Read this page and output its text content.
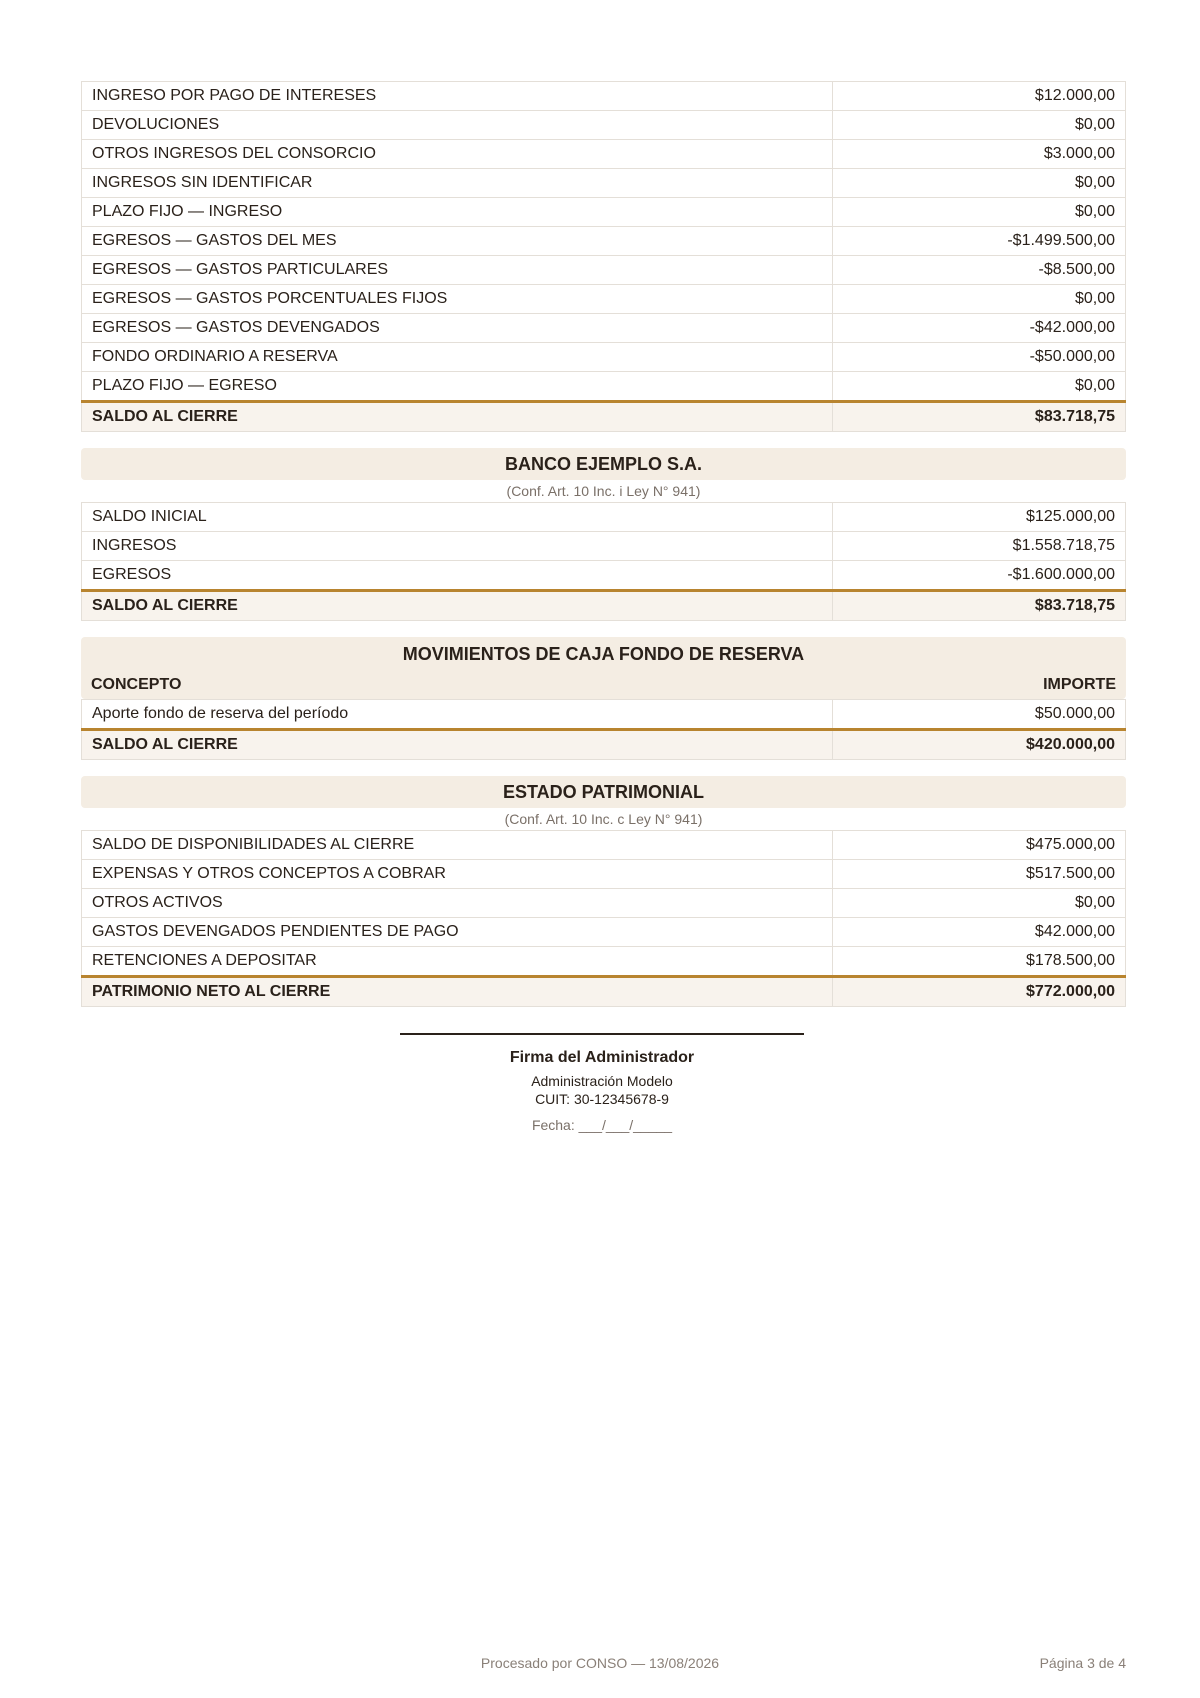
INGRESO POR PAGO DE INTERESES	$12.000,00
DEVOLUCIONES	$0,00
OTROS INGRESOS DEL CONSORCIO	$3.000,00
INGRESOS SIN IDENTIFICAR	$0,00
PLAZO FIJO — INGRESO	$0,00
EGRESOS — GASTOS DEL MES	-$1.499.500,00
EGRESOS — GASTOS PARTICULARES	-$8.500,00
EGRESOS — GASTOS PORCENTUALES FIJOS	$0,00
EGRESOS — GASTOS DEVENGADOS	-$42.000,00
FONDO ORDINARIO A RESERVA	-$50.000,00
PLAZO FIJO — EGRESO	$0,00
SALDO AL CIERRE	$83.718,75
BANCO EJEMPLO S.A.
(Conf. Art. 10 Inc. i Ley N° 941)
SALDO INICIAL	$125.000,00
INGRESOS	$1.558.718,75
EGRESOS	-$1.600.000,00
SALDO AL CIERRE	$83.718,75
MOVIMIENTOS DE CAJA FONDO DE RESERVA
CONCEPTO	IMPORTE
Aporte fondo de reserva del período	$50.000,00
SALDO AL CIERRE	$420.000,00
ESTADO PATRIMONIAL
(Conf. Art. 10 Inc. c Ley N° 941)
SALDO DE DISPONIBILIDADES AL CIERRE	$475.000,00
EXPENSAS Y OTROS CONCEPTOS A COBRAR	$517.500,00
OTROS ACTIVOS	$0,00
GASTOS DEVENGADOS PENDIENTES DE PAGO	$42.000,00
RETENCIONES A DEPOSITAR	$178.500,00
PATRIMONIO NETO AL CIERRE	$772.000,00
Firma del Administrador
Administración Modelo
CUIT: 30-12345678-9
Fecha: ___/___/_____
Procesado por CONSO — 13/08/2026	Página 3 de 4
